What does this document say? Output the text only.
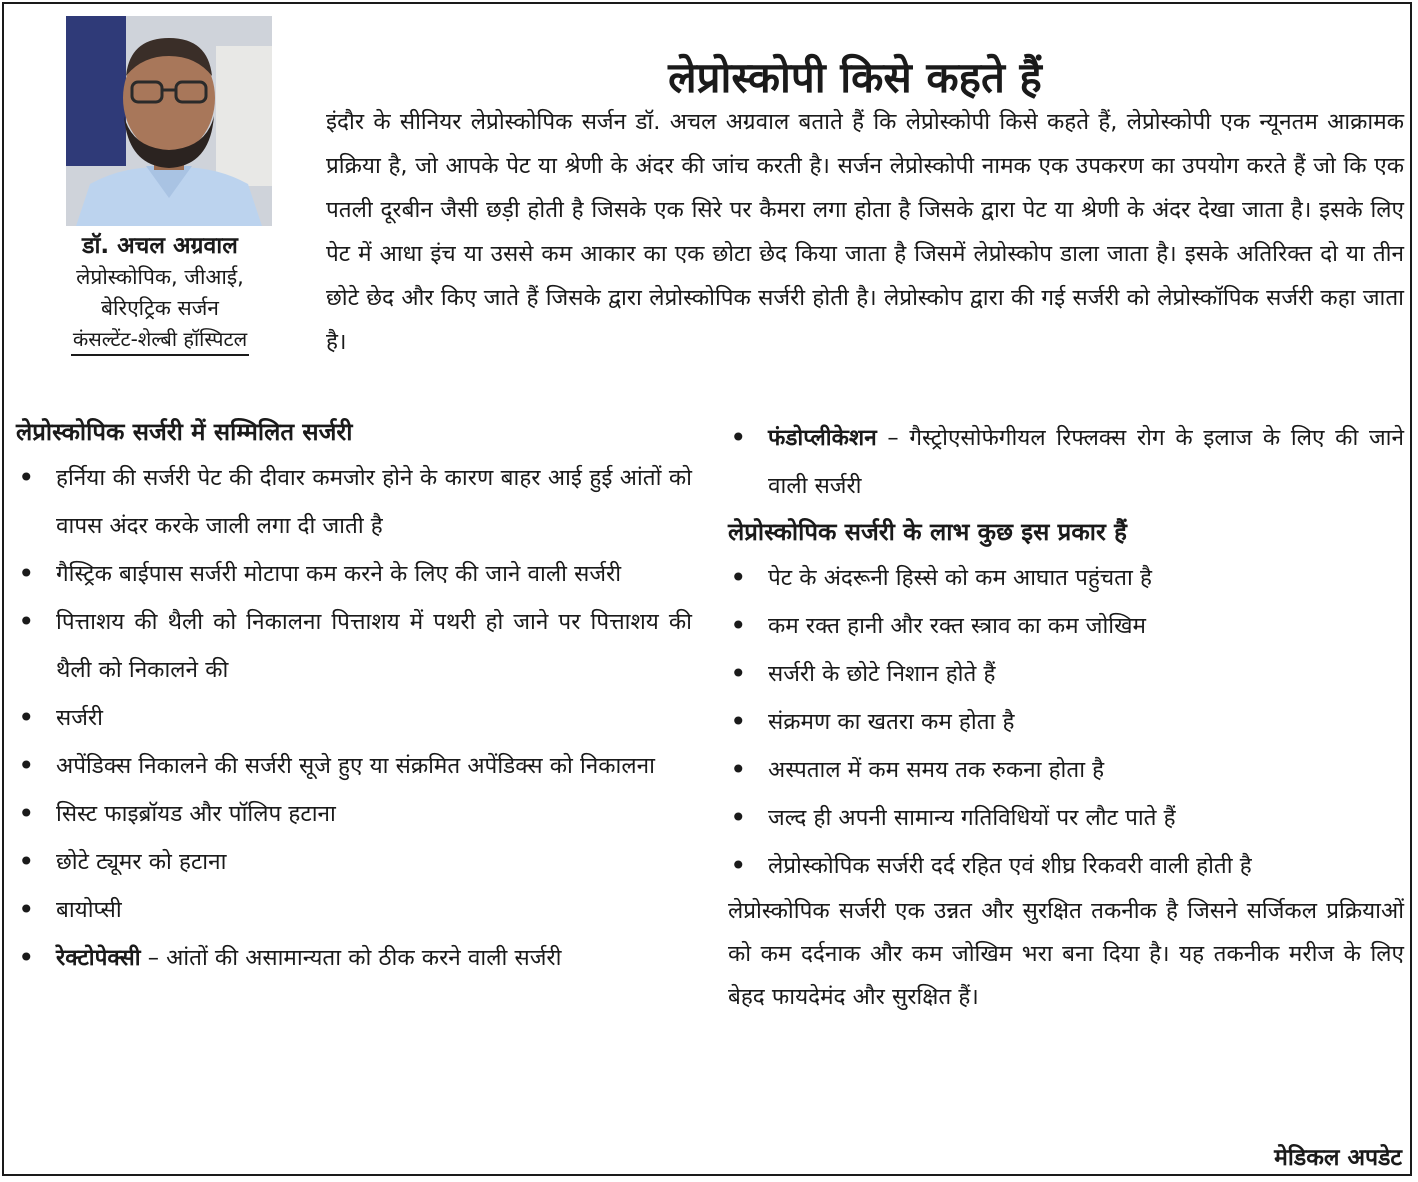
डॉ. अचल अग्रवाल
लेप्रोस्कोपिक, जीआई,
बेरिएट्रिक सर्जन
कंसल्टेंट-शेल्बी हॉस्पिटल
लेप्रोस्कोपी किसे कहते हैं

इंदौर के सीनियर लेप्रोस्कोपिक सर्जन डॉ. अचल अग्रवाल बताते हैं कि लेप्रोस्कोपी किसे कहते हैं, लेप्रोस्कोपी एक न्यूनतम आक्रामक प्रक्रिया है, जो आपके पेट या श्रेणी के अंदर की जांच करती है। सर्जन लेप्रोस्कोपी नामक एक उपकरण का उपयोग करते हैं जो कि एक पतली दूरबीन जैसी छड़ी होती है जिसके एक सिरे पर कैमरा लगा होता है जिसके द्वारा पेट या श्रेणी के अंदर देखा जाता है। इसके लिए पेट में आधा इंच या उससे कम आकार का एक छोटा छेद किया जाता है जिसमें लेप्रोस्कोप डाला जाता है। इसके अतिरिक्त दो या तीन छोटे छेद और किए जाते हैं जिसके द्वारा लेप्रोस्कोपिक सर्जरी होती है। लेप्रोस्कोप द्वारा की गई सर्जरी को लेप्रोस्कॉपिक सर्जरी कहा जाता है।

लेप्रोस्कोपिक सर्जरी में सम्मिलित सर्जरी
• हर्निया की सर्जरी पेट की दीवार कमजोर होने के कारण बाहर आई हुई आंतों को वापस अंदर करके जाली लगा दी जाती है
• गैस्ट्रिक बाईपास सर्जरी मोटापा कम करने के लिए की जाने वाली सर्जरी
• पित्ताशय की थैली को निकालना पित्ताशय में पथरी हो जाने पर पित्ताशय की थैली को निकालने की
• सर्जरी
• अपेंडिक्स निकालने की सर्जरी सूजे हुए या संक्रमित अपेंडिक्स को निकालना
• सिस्ट फाइब्रॉयड और पॉलिप हटाना
• छोटे ट्यूमर को हटाना
• बायोप्सी
• रेक्टोपेक्सी – आंतों की असामान्यता को ठीक करने वाली सर्जरी
• फंडोप्लीकेशन – गैस्ट्रोएसोफेगीयल रिफ्लक्स रोग के इलाज के लिए की जाने वाली सर्जरी
लेप्रोस्कोपिक सर्जरी के लाभ कुछ इस प्रकार हैं
• पेट के अंदरूनी हिस्से को कम आघात पहुंचता है
• कम रक्त हानी और रक्त स्त्राव का कम जोखिम
• सर्जरी के छोटे निशान होते हैं
• संक्रमण का खतरा कम होता है
• अस्पताल में कम समय तक रुकना होता है
• जल्द ही अपनी सामान्य गतिविधियों पर लौट पाते हैं
• लेप्रोस्कोपिक सर्जरी दर्द रहित एवं शीघ्र रिकवरी वाली होती है

लेप्रोस्कोपिक सर्जरी एक उन्नत और सुरक्षित तकनीक है जिसने सर्जिकल प्रक्रियाओं को कम दर्दनाक और कम जोखिम भरा बना दिया है। यह तकनीक मरीज के लिए बेहद फायदेमंद और सुरक्षित हैं।

मेडिकल अपडेट
